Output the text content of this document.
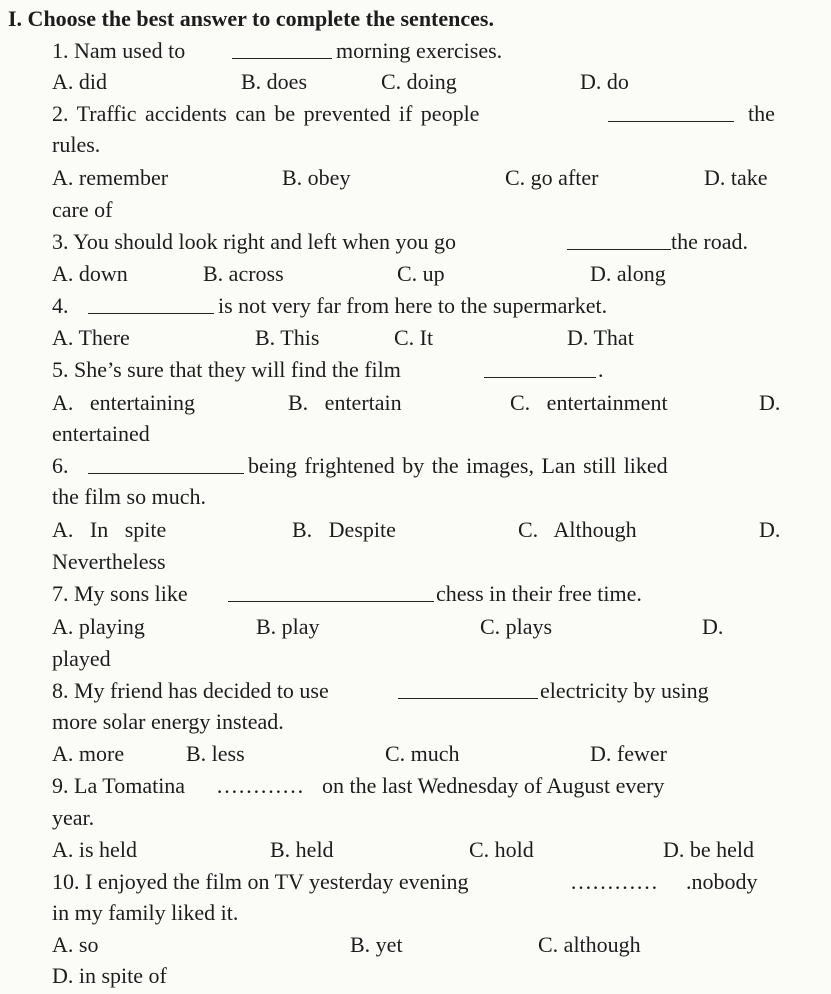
I. Choose the best answer to complete the sentences.
1. Nam used to	morning exercises.
A. did	B. does	C. doing	D. do
2. Traffic accidents can be prevented if people	the
rules.
A. remember	B. obey	C. go after	D. take
care of
3. You should look right and left when you go	the road.
A. down	B. across	C. up	D. along
4.	is not very far from here to the supermarket.
A. There	B. This	C. It	D. That
5. She’s sure that they will find the film	.
A.   entertaining	B.   entertain	C.   entertainment	D.
entertained
6.	being frightened by the images, Lan still liked
the film so much.
A.   In   spite	B.   Despite	C.   Although	D.
Nevertheless
7. My sons like	chess in their free time.
A. playing	B. play	C. plays	D.
played
8. My friend has decided to use	electricity by using
more solar energy instead.
A. more	B. less	C. much	D. fewer
9. La Tomatina ………… on the last Wednesday of August every
year.
A. is held	B. held	C. hold	D. be held
10. I enjoyed the film on TV yesterday evening	………… .nobody
in my family liked it.
A. so	B. yet	C. although
D. in spite of
